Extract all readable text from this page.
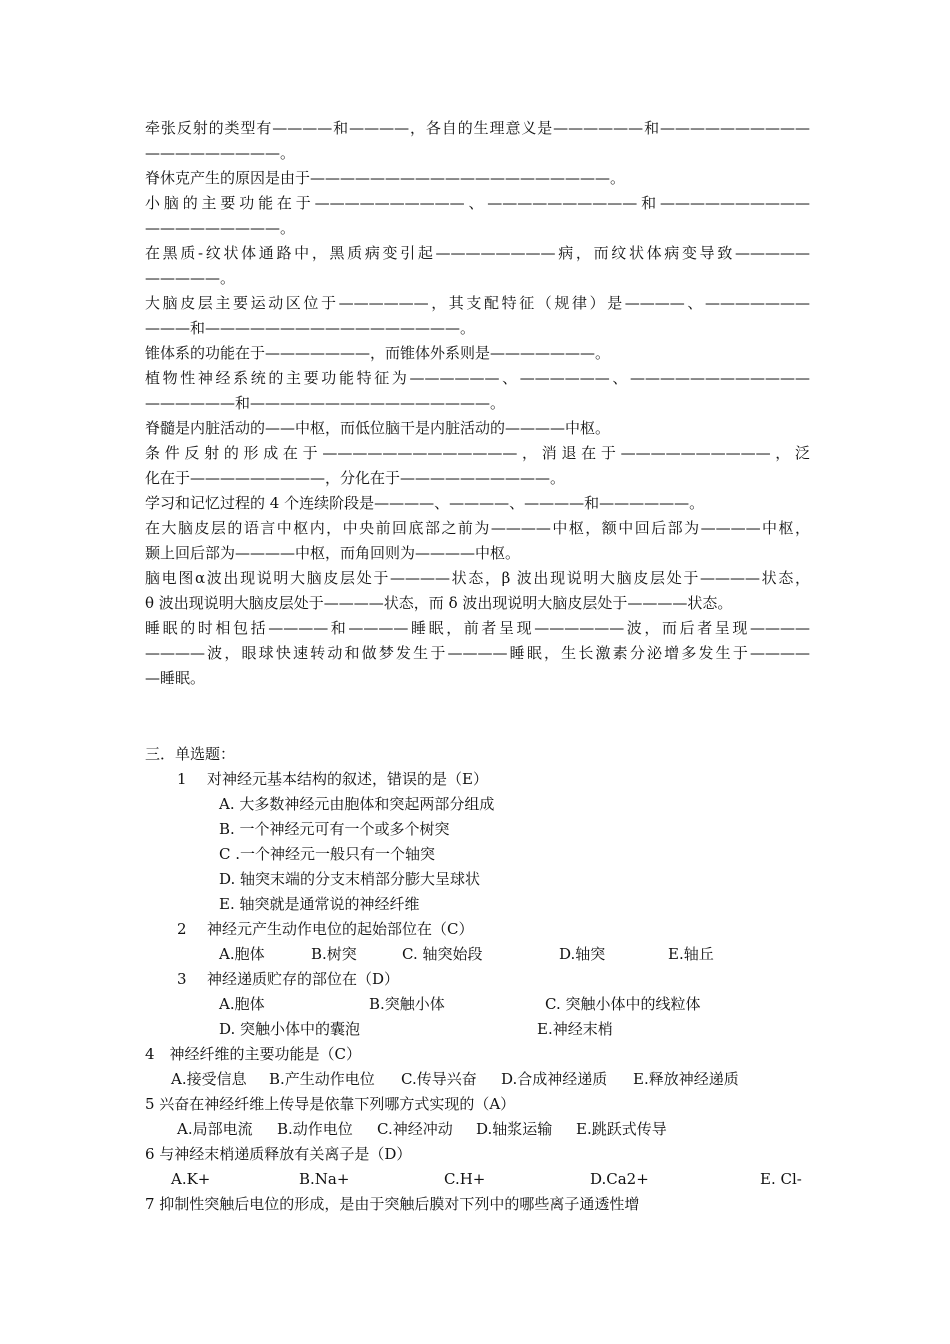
牵张反射的类型有————和————，各自的生理意义是——————和——————————
—————————。
脊休克产生的原因是由于————————————————————。
小脑的主要功能在于——————————、——————————和——————————
—————————。
在黑质-纹状体通路中，黑质病变引起————————病，而纹状体病变导致—————
—————。
大脑皮层主要运动区位于——————，其支配特征（规律）是————、———————
———和—————————————————。
锥体系的功能在于———————，而锥体外系则是———————。
植物性神经系统的主要功能特征为——————、——————、————————————
——————和————————————————。
脊髓是内脏活动的——中枢，而低位脑干是内脏活动的————中枢。
条件反射的形成在于—————————————，消退在于——————————，泛
化在于—————————，分化在于——————————。
学习和记忆过程的 4 个连续阶段是————、————、————和——————。
在大脑皮层的语言中枢内，中央前回底部之前为————中枢，额中回后部为————中枢，
颞上回后部为————中枢，而角回则为————中枢。
脑电图α波出现说明大脑皮层处于————状态，β 波出现说明大脑皮层处于————状态，
θ 波出现说明大脑皮层处于————状态，而 δ 波出现说明大脑皮层处于————状态。
睡眠的时相包括————和————睡眠，前者呈现——————波，而后者呈现————
————波，眼球快速转动和做梦发生于————睡眠，生长激素分泌增多发生于————
—睡眠。
三．单选题：
1 对神经元基本结构的叙述，错误的是（E）
A. 大多数神经元由胞体和突起两部分组成
B. 一个神经元可有一个或多个树突
C .一个神经元一般只有一个轴突
D. 轴突末端的分支末梢部分膨大呈球状
E. 轴突就是通常说的神经纤维
2 神经元产生动作电位的起始部位在（C）
A.胞体	B.树突	C. 轴突始段	D.轴突	E.轴丘
3 神经递质贮存的部位在（D）
A.胞体	B.突触小体	C. 突触小体中的线粒体
D. 突触小体中的囊泡	E.神经末梢
4　神经纤维的主要功能是（C）
A.接受信息 B.产生动作电位 C.传导兴奋 D.合成神经递质 E.释放神经递质
5 兴奋在神经纤维上传导是依靠下列哪方式实现的（A）
A.局部电流 B.动作电位 C.神经冲动 D.轴浆运输 E.跳跃式传导
6 与神经末梢递质释放有关离子是（D）
A.K+	B.Na+	C.H+	D.Ca2+	E. Cl-
7 抑制性突触后电位的形成，是由于突触后膜对下列中的哪些离子通透性增
